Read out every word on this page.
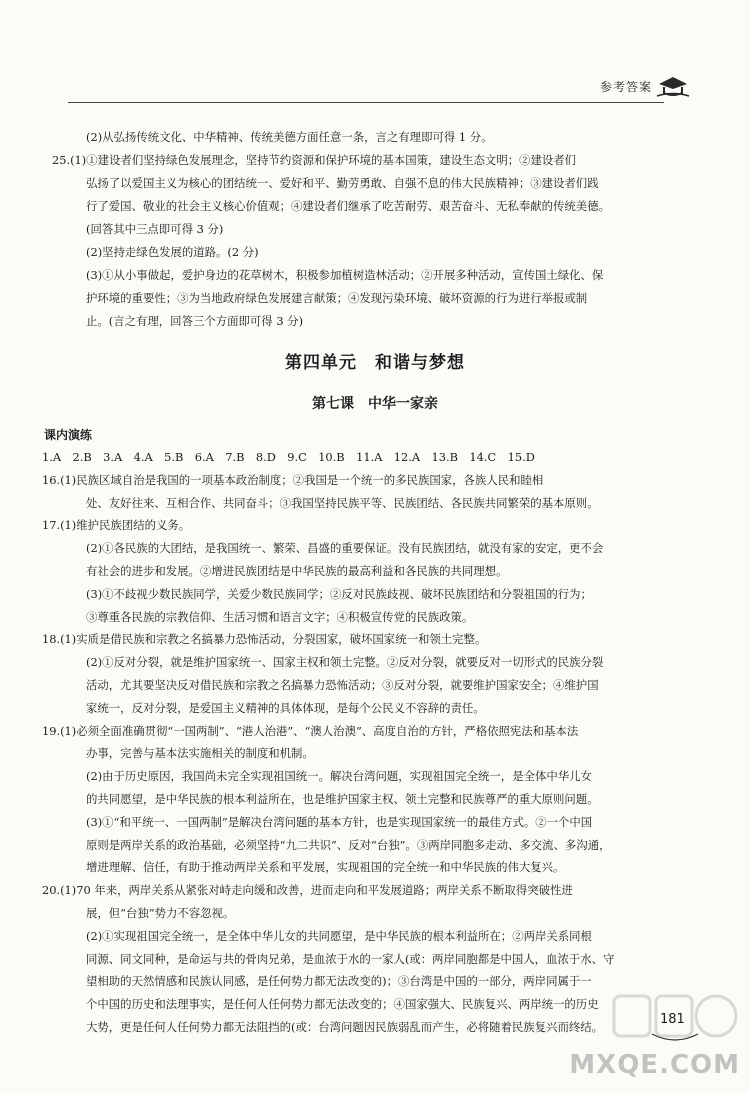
参考答案
(2)从弘扬传统文化、中华精神、传统美德方面任意一条，言之有理即可得 1 分。
25.(1)①建设者们坚持绿色发展理念，坚持节约资源和保护环境的基本国策，建设生态文明；②建设者们
弘扬了以爱国主义为核心的团结统一、爱好和平、勤劳勇敢、自强不息的伟大民族精神；③建设者们践
行了爱国、敬业的社会主义核心价值观；④建设者们继承了吃苦耐劳、艰苦奋斗、无私奉献的传统美德。
(回答其中三点即可得 3 分)
(2)坚持走绿色发展的道路。(2 分)
(3)①从小事做起，爱护身边的花草树木，积极参加植树造林活动；②开展多种活动，宣传国土绿化、保
护环境的重要性；③为当地政府绿色发展建言献策；④发现污染环境、破坏资源的行为进行举报或制
止。(言之有理，回答三个方面即可得 3 分)
第四单元　和谐与梦想
第七课　中华一家亲
课内演练
1.A　2.B　3.A　4.A　5.B　6.A　7.B　8.D　9.C　10.B　11.A　12.A　13.B　14.C　15.D
16.(1)民族区域自治是我国的一项基本政治制度；②我国是一个统一的多民族国家，各族人民和睦相
处、友好往来、互相合作、共同奋斗；③我国坚持民族平等、民族团结、各民族共同繁荣的基本原则。
17.(1)维护民族团结的义务。
(2)①各民族的大团结，是我国统一、繁荣、昌盛的重要保证。没有民族团结，就没有家的安定，更不会
有社会的进步和发展。②增进民族团结是中华民族的最高利益和各民族的共同理想。
(3)①不歧视少数民族同学，关爱少数民族同学；②反对民族歧视、破坏民族团结和分裂祖国的行为；
③尊重各民族的宗教信仰、生活习惯和语言文字；④积极宣传党的民族政策。
18.(1)实质是借民族和宗教之名搞暴力恐怖活动，分裂国家，破坏国家统一和领土完整。
(2)①反对分裂，就是维护国家统一、国家主权和领土完整。②反对分裂，就要反对一切形式的民族分裂
活动，尤其要坚决反对借民族和宗教之名搞暴力恐怖活动；③反对分裂，就要维护国家安全；④维护国
家统一，反对分裂，是爱国主义精神的具体体现，是每个公民义不容辞的责任。
19.(1)必须全面准确贯彻“一国两制”、“港人治港”、“澳人治澳”、高度自治的方针，严格依照宪法和基本法
办事，完善与基本法实施相关的制度和机制。
(2)由于历史原因，我国尚未完全实现祖国统一。解决台湾问题，实现祖国完全统一，是全体中华儿女
的共同愿望，是中华民族的根本利益所在，也是维护国家主权、领土完整和民族尊严的重大原则问题。
(3)①“和平统一、一国两制”是解决台湾问题的基本方针，也是实现国家统一的最佳方式。②一个中国
原则是两岸关系的政治基础，必须坚持“九二共识”、反对“台独”。③两岸同胞多走动、多交流、多沟通，
增进理解、信任，有助于推动两岸关系和平发展，实现祖国的完全统一和中华民族的伟大复兴。
20.(1)70 年来，两岸关系从紧张对峙走向缓和改善，进而走向和平发展道路；两岸关系不断取得突破性进
展，但“台独”势力不容忽视。
(2)①实现祖国完全统一，是全体中华儿女的共同愿望，是中华民族的根本利益所在；②两岸关系同根
同源、同文同种，是命运与共的骨肉兄弟，是血浓于水的一家人(或：两岸同胞都是中国人，血浓于水、守
望相助的天然情感和民族认同感，是任何势力都无法改变的)；③台湾是中国的一部分，两岸同属于一
个中国的历史和法理事实，是任何人任何势力都无法改变的；④国家强大、民族复兴、两岸统一的历史
大势，更是任何人任何势力都无法阻挡的(或：台湾问题因民族弱乱而产生，必将随着民族复兴而终结。	181
MXQE.COM
